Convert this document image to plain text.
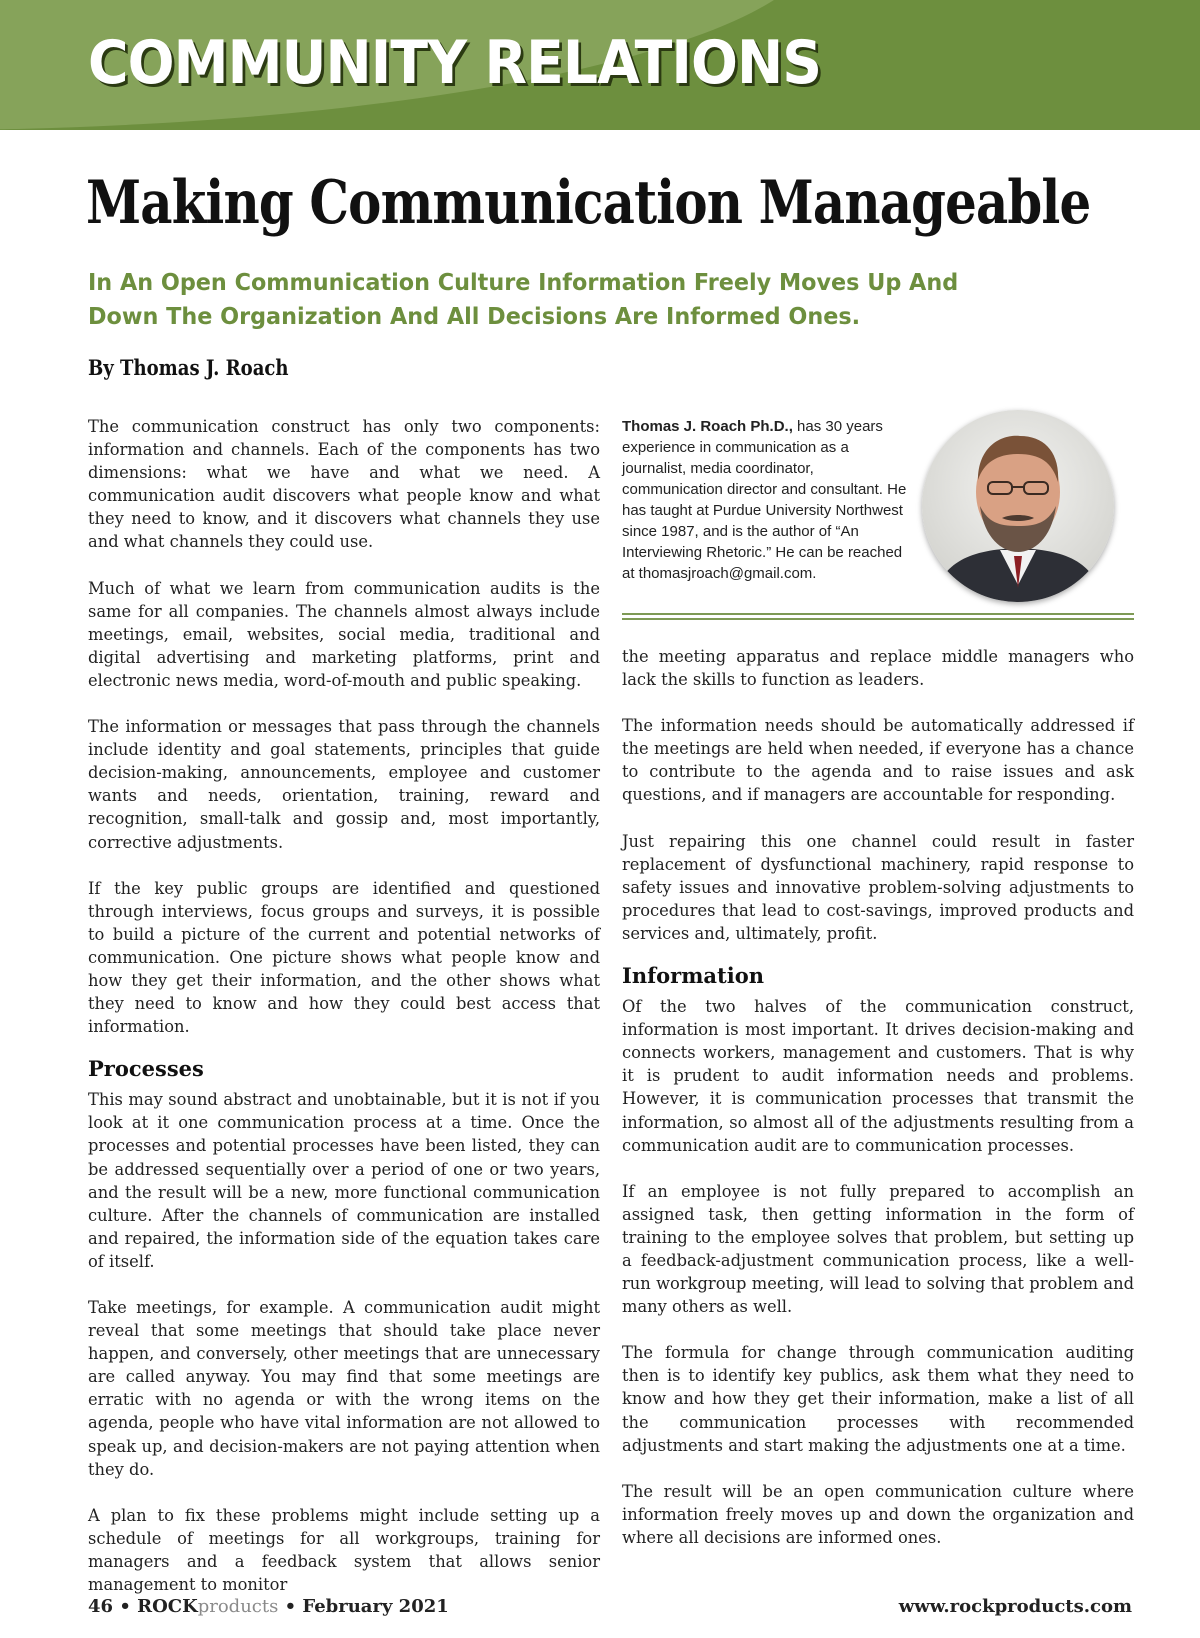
COMMUNITY RELATIONS
Making Communication Manageable
In An Open Communication Culture Information Freely Moves Up And Down The Organization And All Decisions Are Informed Ones.
By Thomas J. Roach

The communication construct has only two components: information and channels. Each of the components has two dimensions: what we have and what we need. A communication audit discovers what people know and what they need to know, and it discovers what channels they use and what channels they could use.

Much of what we learn from communication audits is the same for all companies. The channels almost always include meetings, email, websites, social media, traditional and digital advertising and marketing platforms, print and electronic news media, word-of-mouth and public speaking.

The information or messages that pass through the channels include identity and goal statements, principles that guide decision-making, announcements, employee and customer wants and needs, orientation, training, reward and recognition, small-talk and gossip and, most importantly, corrective adjustments.

If the key public groups are identified and questioned through interviews, focus groups and surveys, it is possible to build a picture of the current and potential networks of communication. One picture shows what people know and how they get their information, and the other shows what they need to know and how they could best access that information.

Processes

This may sound abstract and unobtainable, but it is not if you look at it one communication process at a time. Once the processes and potential processes have been listed, they can be addressed sequentially over a period of one or two years, and the result will be a new, more functional communication culture. After the channels of communication are installed and repaired, the information side of the equation takes care of itself.

Take meetings, for example. A communication audit might reveal that some meetings that should take place never happen, and conversely, other meetings that are unnecessary are called anyway. You may find that some meetings are erratic with no agenda or with the wrong items on the agenda, people who have vital information are not allowed to speak up, and decision-makers are not paying attention when they do.

A plan to fix these problems might include setting up a schedule of meetings for all workgroups, training for managers and a feedback system that allows senior management to monitor

Thomas J. Roach Ph.D., has 30 years experience in communication as a journalist, media coordinator, communication director and consultant. He has taught at Purdue University Northwest since 1987, and is the author of “An Interviewing Rhetoric.” He can be reached at thomasjroach@gmail.com.

the meeting apparatus and replace middle managers who lack the skills to function as leaders.

The information needs should be automatically addressed if the meetings are held when needed, if everyone has a chance to contribute to the agenda and to raise issues and ask questions, and if managers are accountable for responding.

Just repairing this one channel could result in faster replacement of dysfunctional machinery, rapid response to safety issues and innovative problem-solving adjustments to procedures that lead to cost-savings, improved products and services and, ultimately, profit.

Information

Of the two halves of the communication construct, information is most important. It drives decision-making and connects workers, management and customers. That is why it is prudent to audit information needs and problems. However, it is communication processes that transmit the information, so almost all of the adjustments resulting from a communication audit are to communication processes.

If an employee is not fully prepared to accomplish an assigned task, then getting information in the form of training to the employee solves that problem, but setting up a feedback-adjustment communication process, like a well-run workgroup meeting, will lead to solving that problem and many others as well.

The formula for change through communication auditing then is to identify key publics, ask them what they need to know and how they get their information, make a list of all the communication processes with recommended adjustments and start making the adjustments one at a time.

The result will be an open communication culture where information freely moves up and down the organization and where all decisions are informed ones.

46 • ROCKproducts • February 2021	www.rockproducts.com
